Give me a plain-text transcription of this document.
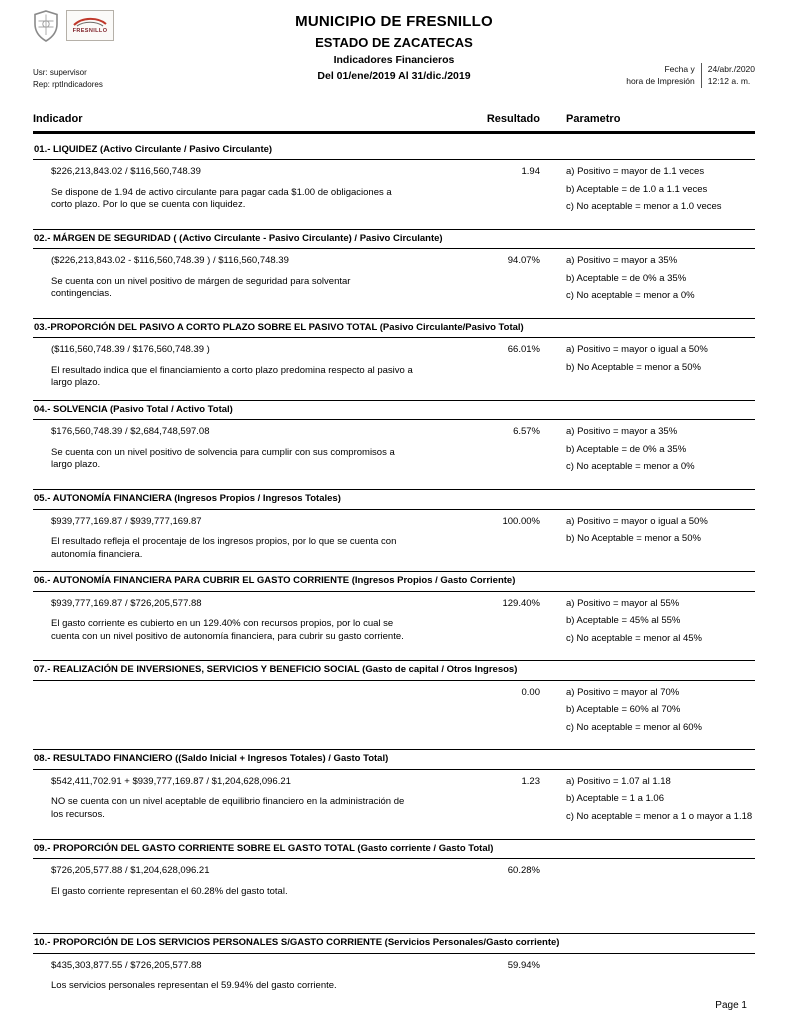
FRESNILLO
MUNICIPIO DE FRESNILLO
ESTADO DE ZACATECAS
Indicadores Financieros
Del 01/ene/2019 Al 31/dic./2019
Usr: supervisor
Rep: rptIndicadores
Fecha y
hora de Impresión
24/abr./2020
12:12 a. m.
Indicador	Resultado	Parametro
01.- LIQUIDEZ (Activo Circulante / Pasivo Circulante)
$226,213,843.02 / $116,560,748.39
Se dispone de 1.94 de activo circulante para pagar cada $1.00 de obligaciones a corto plazo. Por lo que se cuenta con liquidez.
1.94	a) Positivo = mayor de 1.1 veces
b) Aceptable = de 1.0 a 1.1 veces
c) No aceptable = menor a 1.0 veces
02.- MÁRGEN DE SEGURIDAD ( (Activo Circulante - Pasivo Circulante) / Pasivo Circulante)
($226,213,843.02 - $116,560,748.39 ) / $116,560,748.39
Se cuenta con un nivel positivo de márgen de seguridad para solventar contingencias.
94.07%	a) Positivo = mayor a 35%
b) Aceptable = de 0% a 35%
c) No aceptable = menor a 0%
03.-PROPORCIÓN DEL PASIVO A CORTO PLAZO SOBRE EL PASIVO TOTAL (Pasivo Circulante/Pasivo Total)
($116,560,748.39 / $176,560,748.39 )
El resultado indica que el financiamiento a corto plazo predomina respecto al pasivo a largo plazo.
66.01%	a) Positivo = mayor o igual a 50%
b) No Aceptable = menor a 50%
04.- SOLVENCIA (Pasivo Total / Activo Total)
$176,560,748.39 / $2,684,748,597.08
Se cuenta con un nivel positivo de solvencia para cumplir con sus compromisos a largo plazo.
6.57%	a) Positivo = mayor a 35%
b) Aceptable = de 0% a 35%
c) No aceptable = menor a 0%
05.- AUTONOMÍA FINANCIERA (Ingresos Propios / Ingresos Totales)
$939,777,169.87 / $939,777,169.87
El resultado refleja el procentaje de los ingresos propios, por lo que se cuenta con autonomía financiera.
100.00%	a) Positivo = mayor o igual a 50%
b) No Aceptable = menor a 50%
06.- AUTONOMÍA FINANCIERA PARA CUBRIR EL GASTO CORRIENTE (Ingresos Propios / Gasto Corriente)
$939,777,169.87 / $726,205,577.88
El gasto corriente es cubierto en un 129.40% con recursos propios, por lo cual se cuenta con un nivel positivo de autonomía financiera, para cubrir su gasto corriente.
129.40%	a) Positivo = mayor al 55%
b) Aceptable = 45% al 55%
c) No aceptable = menor al 45%
07.- REALIZACIÓN DE INVERSIONES, SERVICIOS Y BENEFICIO SOCIAL (Gasto de capital / Otros Ingresos)
0.00	a) Positivo = mayor al 70%
b) Aceptable = 60% al 70%
c) No aceptable = menor al 60%
08.- RESULTADO FINANCIERO ((Saldo Inicial + Ingresos Totales) / Gasto Total)
$542,411,702.91 + $939,777,169.87 / $1,204,628,096.21
NO se cuenta con un nivel aceptable de equilibrio financiero en la administración de los recursos.
1.23	a) Positivo = 1.07 al 1.18
b) Aceptable = 1 a 1.06
c) No aceptable = menor a 1 o mayor a 1.18
09.- PROPORCIÓN DEL GASTO CORRIENTE SOBRE EL GASTO TOTAL (Gasto corriente / Gasto Total)
$726,205,577.88 / $1,204,628,096.21
El gasto corriente representan el 60.28% del gasto total.
60.28%
10.- PROPORCIÓN DE LOS SERVICIOS PERSONALES S/GASTO CORRIENTE (Servicios Personales/Gasto corriente)
$435,303,877.55 / $726,205,577.88
Los servicios personales representan el 59.94% del gasto corriente.
59.94%
Page 1
